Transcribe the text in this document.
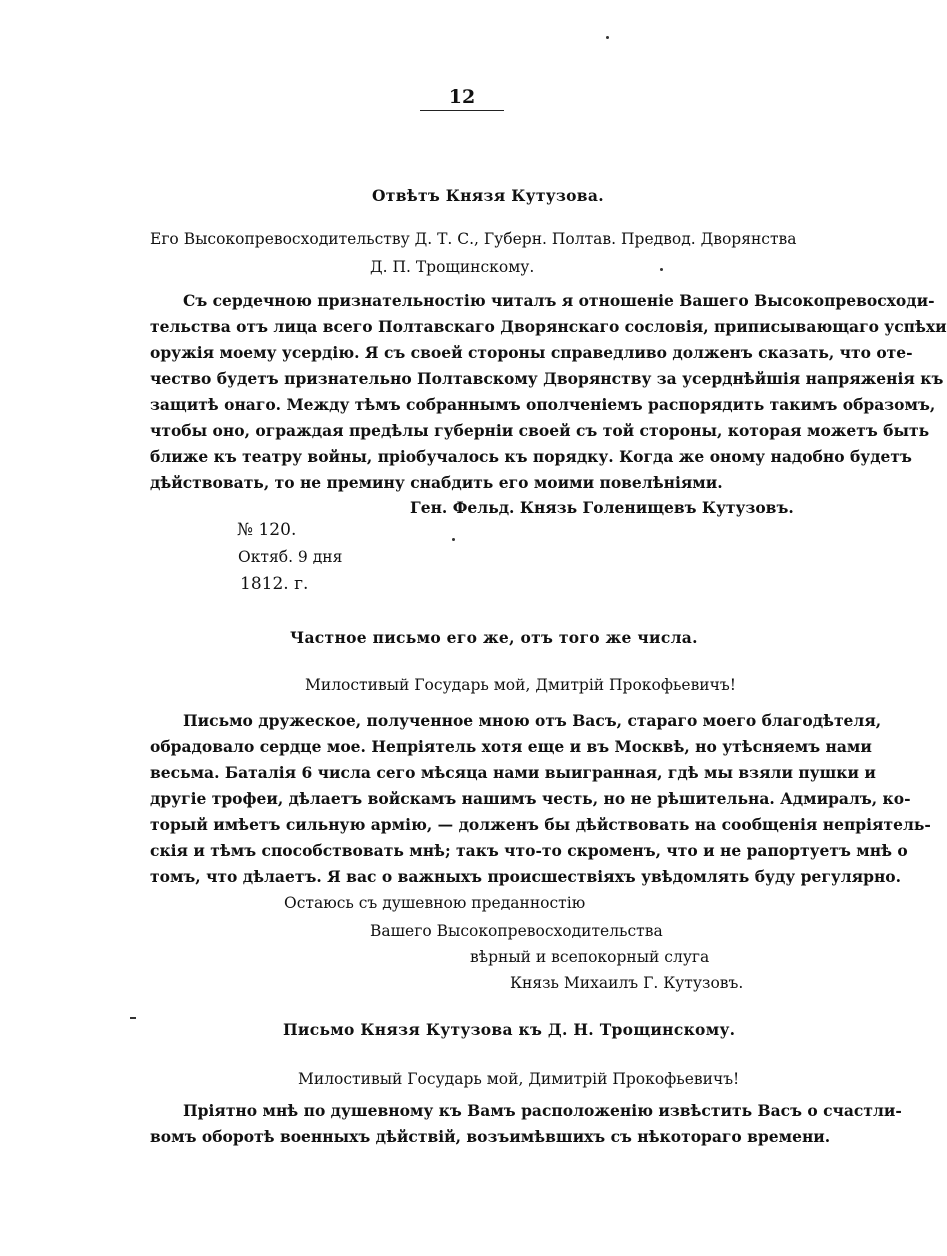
12
Отвѣтъ Князя Кутузова.
Его Высокопревосходительству Д. Т. С., Губерн. Полтав. Предвод. Дворянства
Д. П. Трощинскому.
Съ сердечною признательностію читалъ я отношеніе Вашего Высокопревосходи-
тельства отъ лица всего Полтавскаго Дворянскаго сословія, приписывающаго успѣхи
оружія моему усердію. Я съ своей стороны справедливо долженъ сказать, что оте-
чество будетъ признательно Полтавскому Дворянству за усерднѣйшія напряженія къ
защитѣ онаго. Между тѣмъ собраннымъ ополченіемъ распорядить такимъ образомъ,
чтобы оно, ограждая предѣлы губерніи своей съ той стороны, которая можетъ быть
ближе къ театру войны, пріобучалось къ порядку. Когда же оному надобно будетъ
дѣйствовать, то не премину снабдить его моими повелѣніями.
Ген. Фельд. Князь Голенищевъ Кутузовъ.
№ 120.
Октяб. 9 дня
1812. г.
Частное письмо его же, отъ того же числа.
Милостивый Государь мой, Дмитрій Прокофьевичъ!
Письмо дружеское, полученное мною отъ Васъ, стараго моего благодѣтеля,
обрадовало сердце мое. Непріятель хотя еще и въ Москвѣ, но утѣсняемъ нами
весьма. Баталія 6 числа сего мѣсяца нами выигранная, гдѣ мы взяли пушки и
другіе трофеи, дѣлаетъ войскамъ нашимъ честь, но не рѣшительна. Адмиралъ, ко-
торый имѣетъ сильную армію, — долженъ бы дѣйствовать на сообщенія непріятель-
скія и тѣмъ способствовать мнѣ; такъ что-то скроменъ, что и не рапортуетъ мнѣ о
томъ, что дѣлаетъ. Я вас о важныхъ происшествіяхъ увѣдомлять буду регулярно.
Остаюсь съ душевною преданностію
Вашего Высокопревосходительства
вѣрный и всепокорный слуга
Князь Михаилъ Г. Кутузовъ.
Письмо Князя Кутузова къ Д. Н. Трощинскому.
Милостивый Государь мой, Димитрій Прокофьевичъ!
Пріятно мнѣ по душевному къ Вамъ расположенію извѣстить Васъ о счастли-
вомъ оборотѣ военныхъ дѣйствій, возъимѣвшихъ съ нѣкотораго времени.
